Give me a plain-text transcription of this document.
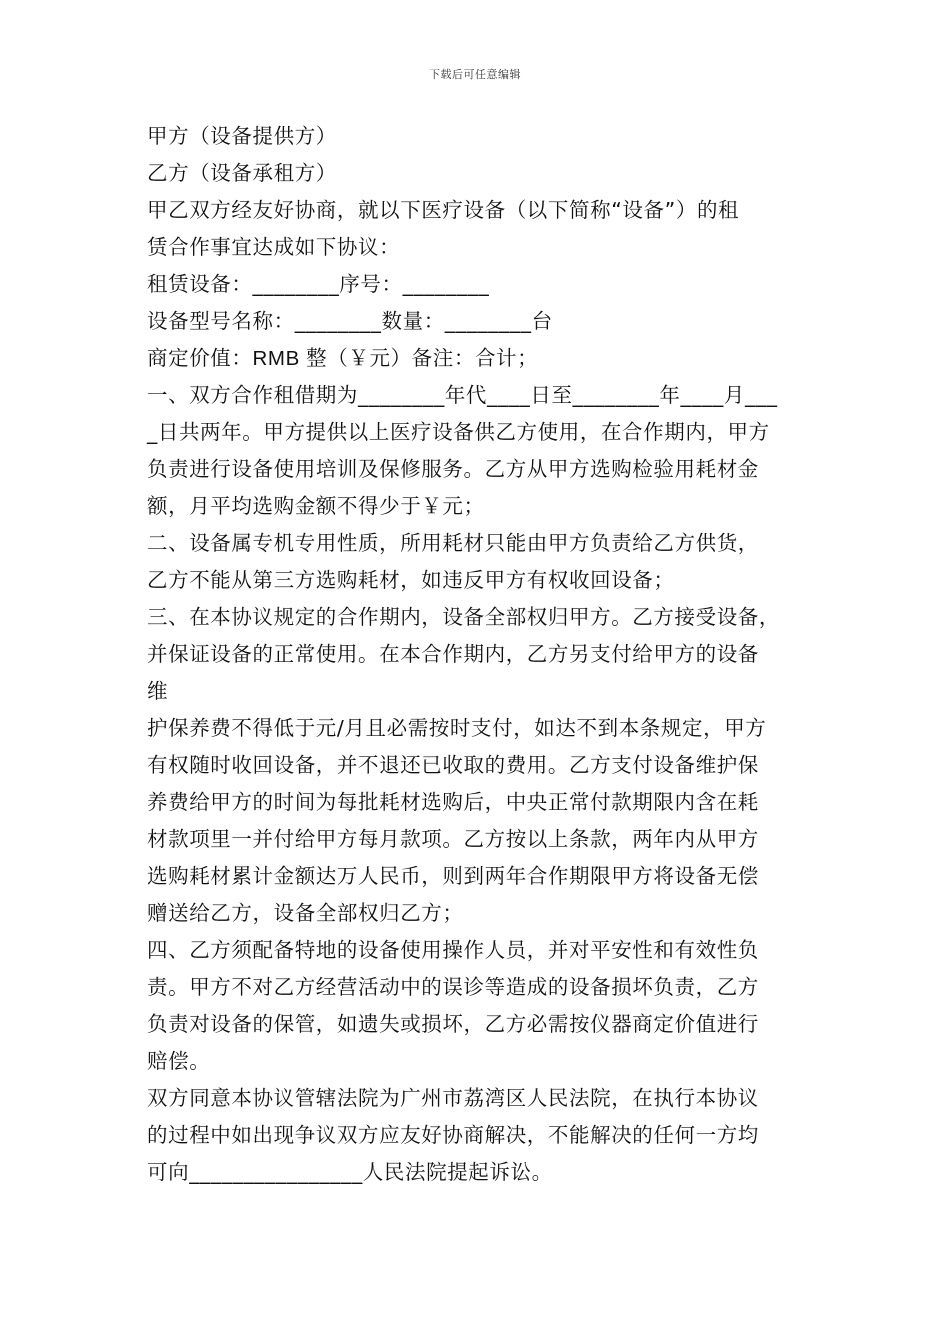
下载后可任意编辑
甲方（设备提供方）
乙方（设备承租方）
甲乙双方经友好协商，就以下医疗设备（以下简称“设备”）的租
赁合作事宜达成如下协议：
租赁设备：________序号：________
设备型号名称：________数量：________台
商定价值：RMB 整（￥元）备注：合计；
一、双方合作租借期为________年代____日至________年____月___
_日共两年。甲方提供以上医疗设备供乙方使用，在合作期内，甲方
负责进行设备使用培训及保修服务。乙方从甲方选购检验用耗材金
额，月平均选购金额不得少于￥元；
二、设备属专机专用性质，所用耗材只能由甲方负责给乙方供货，
乙方不能从第三方选购耗材，如违反甲方有权收回设备；
三、在本协议规定的合作期内，设备全部权归甲方。乙方接受设备，
并保证设备的正常使用。在本合作期内，乙方另支付给甲方的设备
维
护保养费不得低于元/月且必需按时支付，如达不到本条规定，甲方
有权随时收回设备，并不退还已收取的费用。乙方支付设备维护保
养费给甲方的时间为每批耗材选购后，中央正常付款期限内含在耗
材款项里一并付给甲方每月款项。乙方按以上条款，两年内从甲方
选购耗材累计金额达万人民币，则到两年合作期限甲方将设备无偿
赠送给乙方，设备全部权归乙方；
四、乙方须配备特地的设备使用操作人员，并对平安性和有效性负
责。甲方不对乙方经营活动中的误诊等造成的设备损坏负责，乙方
负责对设备的保管，如遗失或损坏，乙方必需按仪器商定价值进行
赔偿。
双方同意本协议管辖法院为广州市荔湾区人民法院，在执行本协议
的过程中如出现争议双方应友好协商解决，不能解决的任何一方均
可向________________人民法院提起诉讼。
